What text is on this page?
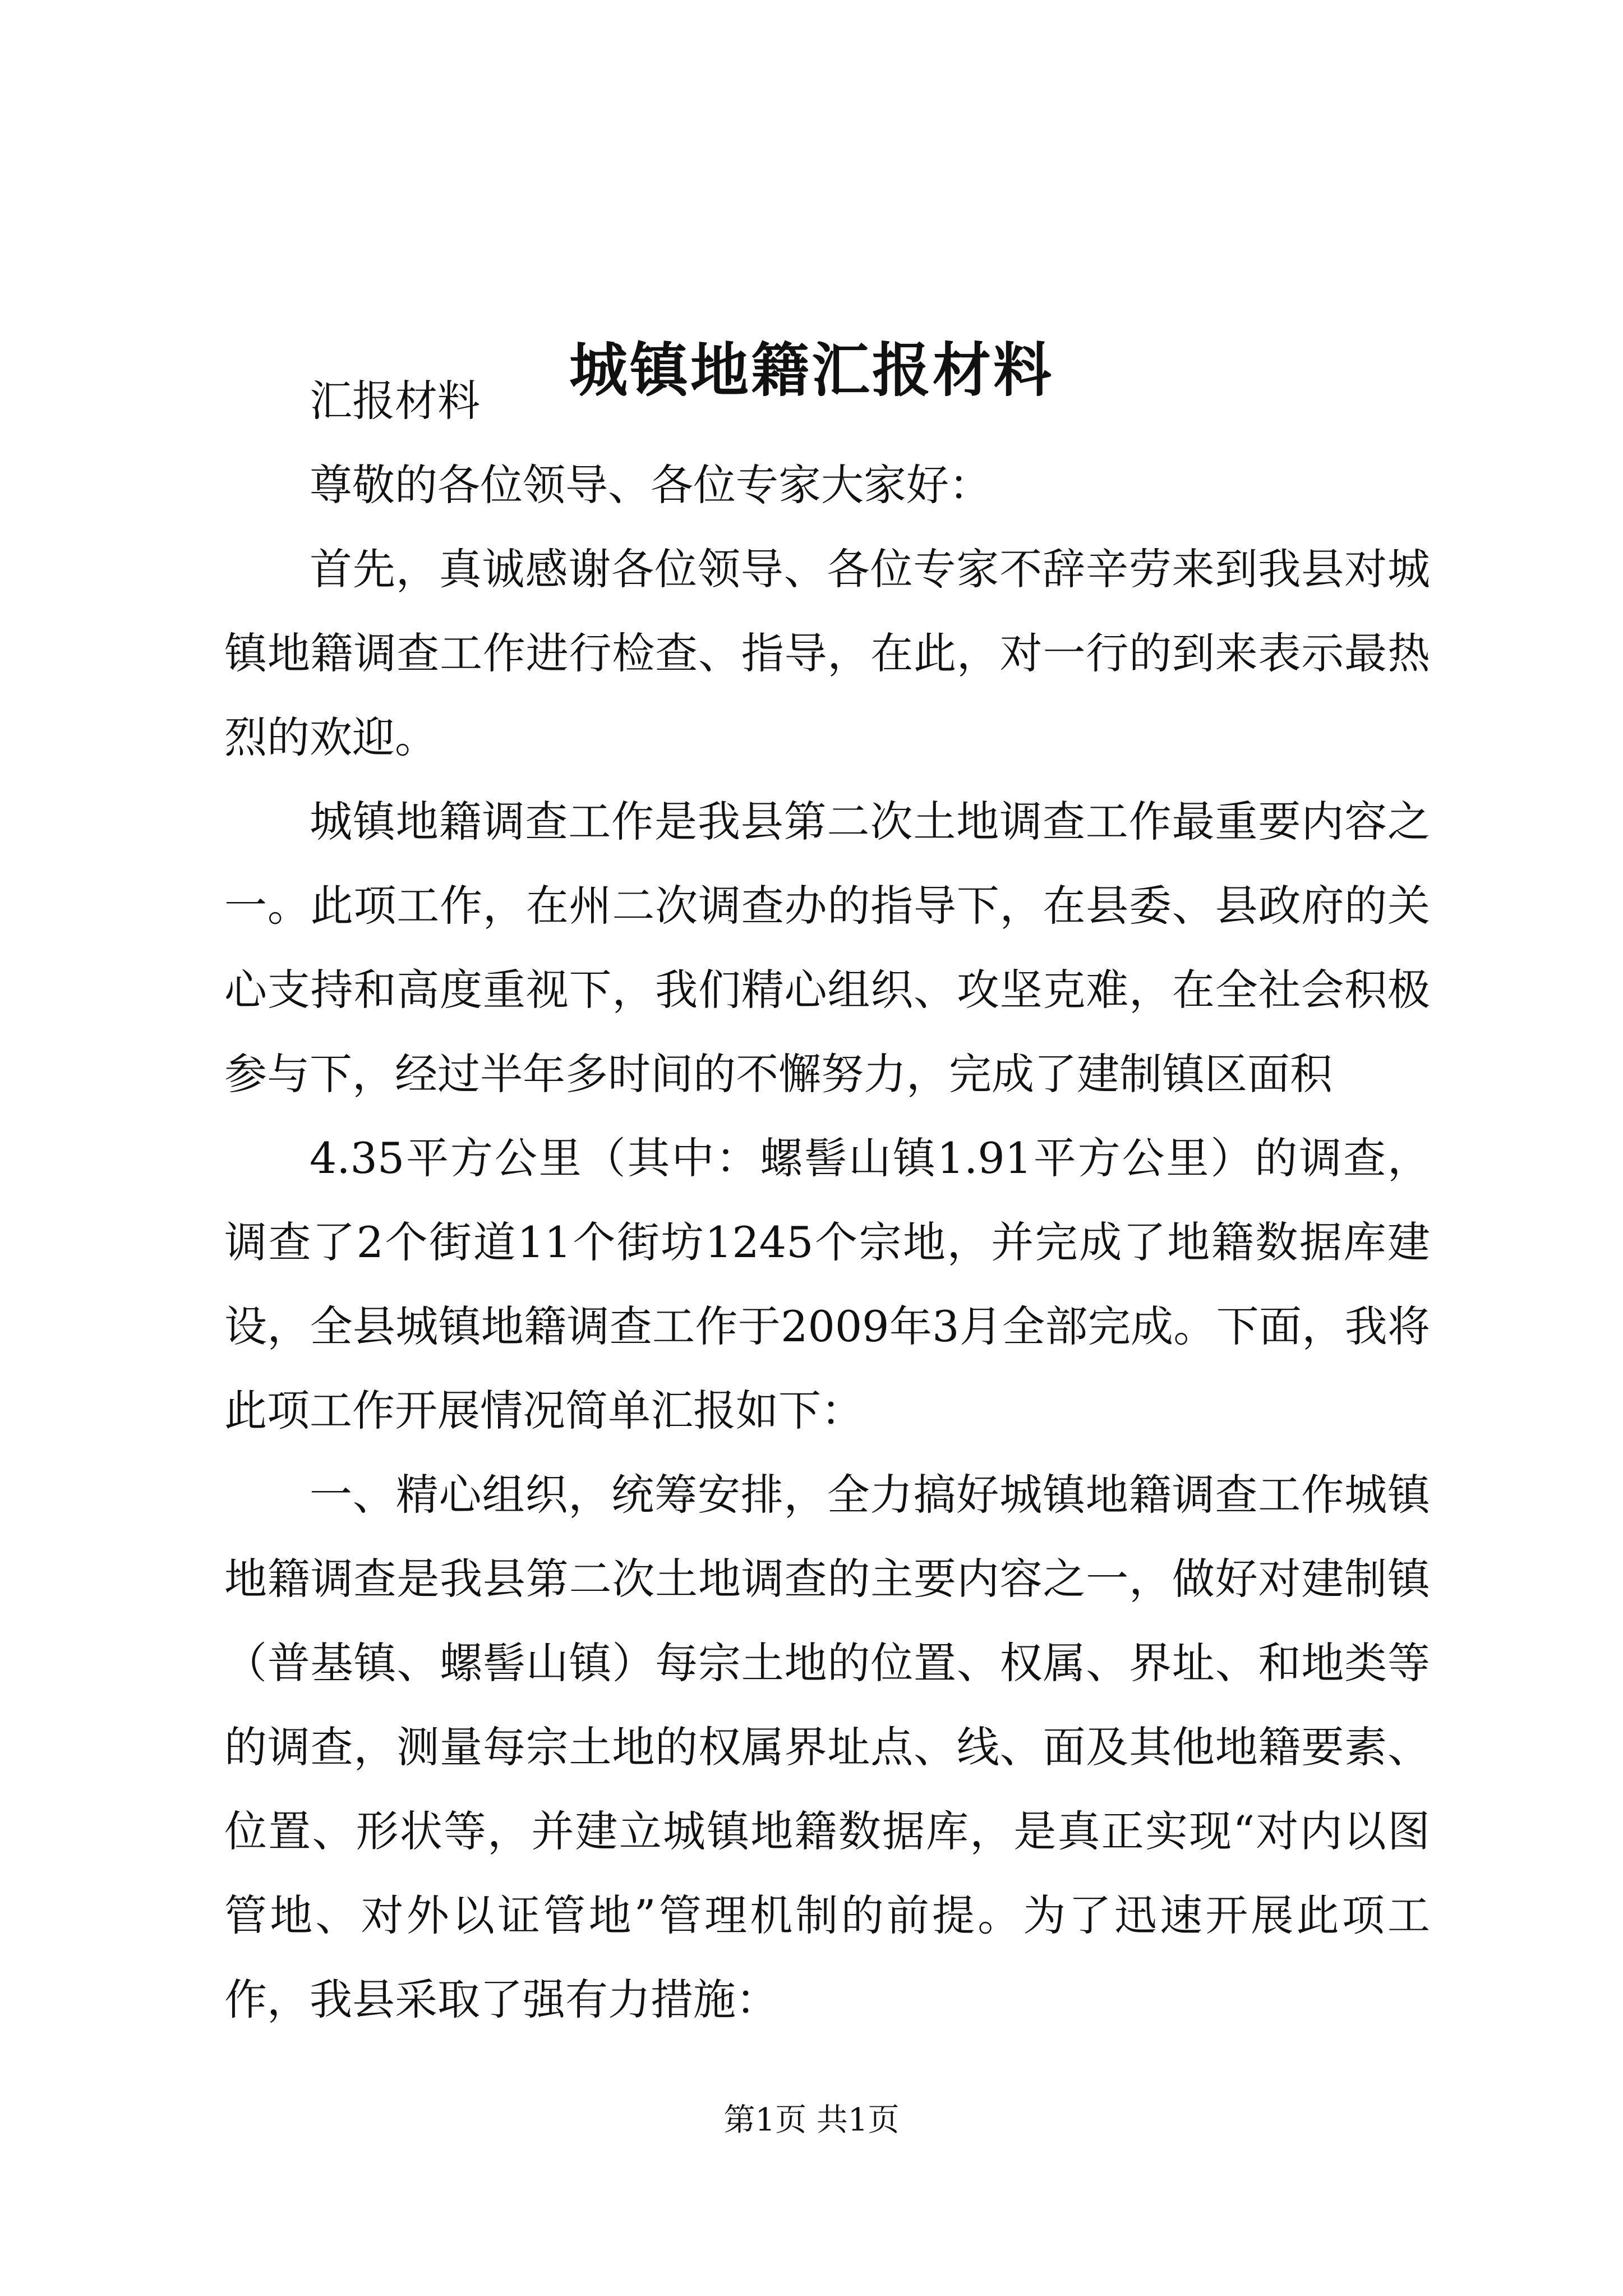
城镇地籍汇报材料

汇报材料

尊敬的各位领导、各位专家大家好：

首先，真诚感谢各位领导、各位专家不辞辛劳来到我县对城镇地籍调查工作进行检查、指导，在此，对一行的到来表示最热烈的欢迎。

城镇地籍调查工作是我县第二次土地调查工作最重要内容之一。此项工作，在州二次调查办的指导下，在县委、县政府的关心支持和高度重视下，我们精心组织、攻坚克难，在全社会积极参与下，经过半年多时间的不懈努力，完成了建制镇区面积

4.35平方公里（其中：螺髻山镇1.91平方公里）的调查，调查了2个街道11个街坊1245个宗地，并完成了地籍数据库建设，全县城镇地籍调查工作于2009年3月全部完成。下面，我将此项工作开展情况简单汇报如下：

一、精心组织，统筹安排，全力搞好城镇地籍调查工作城镇地籍调查是我县第二次土地调查的主要内容之一，做好对建制镇（普基镇、螺髻山镇）每宗土地的位置、权属、界址、和地类等的调查，测量每宗土地的权属界址点、线、面及其他地籍要素、位置、形状等，并建立城镇地籍数据库，是真正实现“对内以图管地、对外以证管地”管理机制的前提。为了迅速开展此项工作，我县采取了强有力措施：

第1页 共1页
